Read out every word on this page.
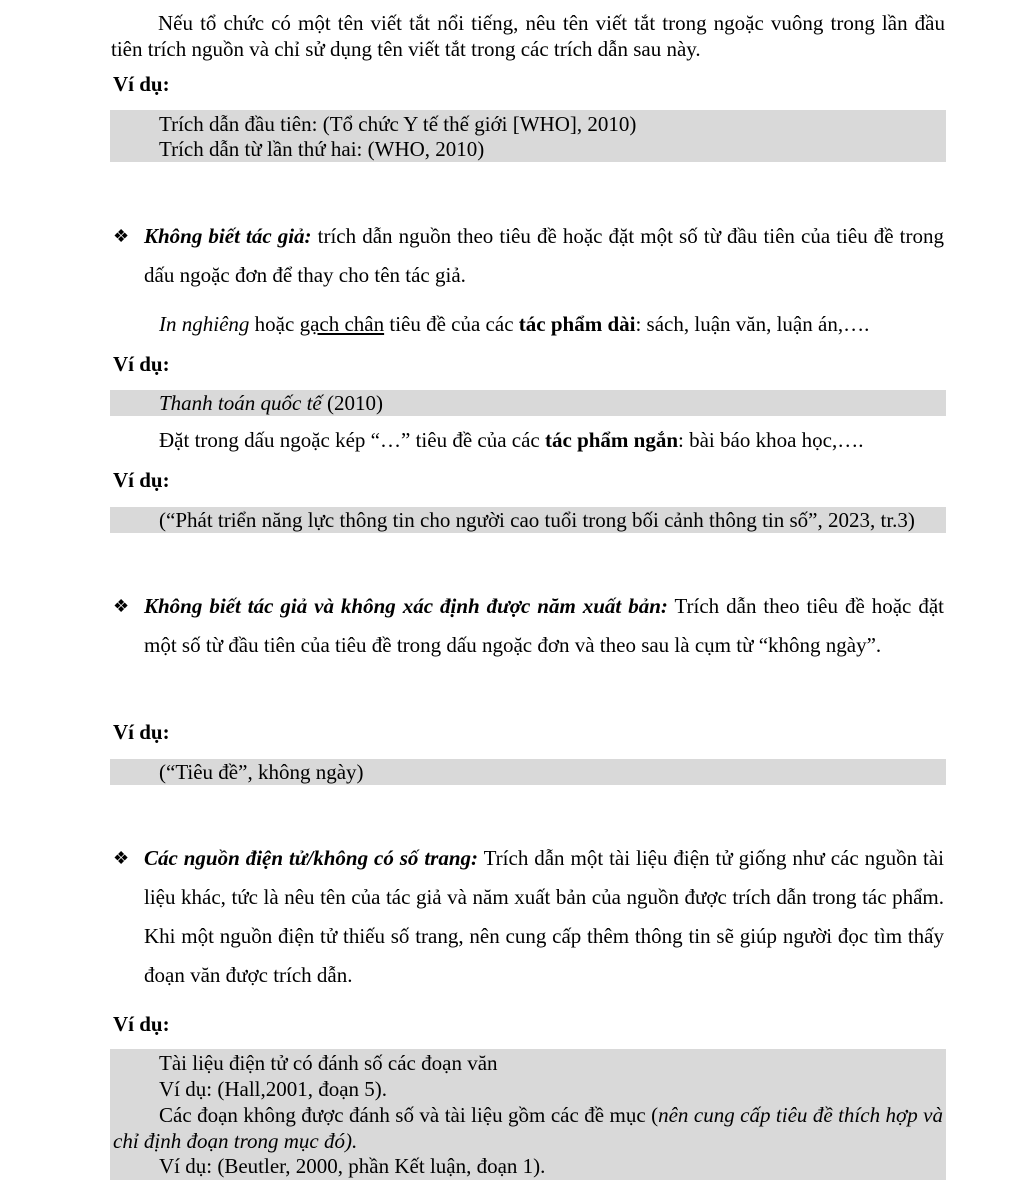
Nếu tổ chức có một tên viết tắt nổi tiếng, nêu tên viết tắt trong ngoặc vuông trong lần đầu tiên trích nguồn và chỉ sử dụng tên viết tắt trong các trích dẫn sau này.
Ví dụ:
Trích dẫn đầu tiên: (Tổ chức Y tế thế giới [WHO], 2010)
Trích dẫn từ lần thứ hai: (WHO, 2010)
❖ Không biết tác giả: trích dẫn nguồn theo tiêu đề hoặc đặt một số từ đầu tiên của tiêu đề trong dấu ngoặc đơn để thay cho tên tác giả.
In nghiêng hoặc gạch chân tiêu đề của các tác phẩm dài: sách, luận văn, luận án,….
Ví dụ:
Thanh toán quốc tế (2010)
Đặt trong dấu ngoặc kép “…” tiêu đề của các tác phẩm ngắn: bài báo khoa học,….
Ví dụ:
(“Phát triển năng lực thông tin cho người cao tuổi trong bối cảnh thông tin số”, 2023, tr.3)
❖ Không biết tác giả và không xác định được năm xuất bản: Trích dẫn theo tiêu đề hoặc đặt một số từ đầu tiên của tiêu đề trong dấu ngoặc đơn và theo sau là cụm từ “không ngày”.
Ví dụ:
(“Tiêu đề”, không ngày)
❖ Các nguồn điện tử/không có số trang: Trích dẫn một tài liệu điện tử giống như các nguồn tài liệu khác, tức là nêu tên của tác giả và năm xuất bản của nguồn được trích dẫn trong tác phẩm. Khi một nguồn điện tử thiếu số trang, nên cung cấp thêm thông tin sẽ giúp người đọc tìm thấy đoạn văn được trích dẫn.
Ví dụ:
Tài liệu điện tử có đánh số các đoạn văn
Ví dụ: (Hall,2001, đoạn 5).
Các đoạn không được đánh số và tài liệu gồm các đề mục (nên cung cấp tiêu đề thích hợp và chỉ định đoạn trong mục đó).
Ví dụ: (Beutler, 2000, phần Kết luận, đoạn 1).
